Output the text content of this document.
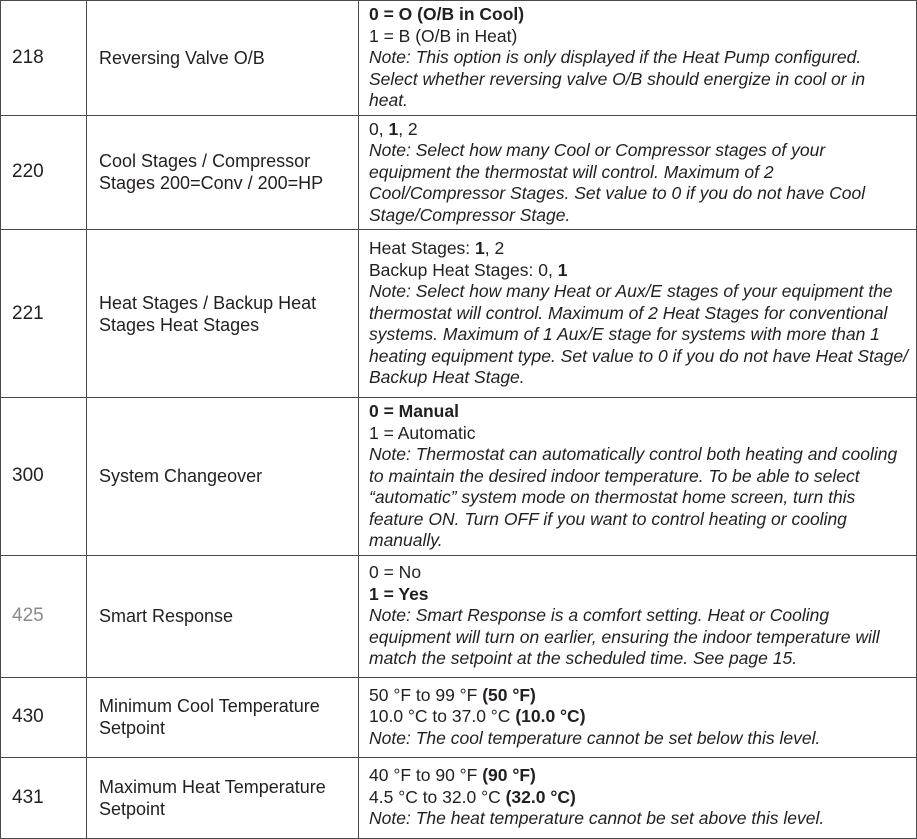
218	Reversing Valve O/B	0 = O (O/B in Cool)
1 = B (O/B in Heat)
Note: This option is only displayed if the Heat Pump configured. Select whether reversing valve O/B should energize in cool or in heat.

220	Cool Stages / Compressor Stages 200=Conv / 200=HP	0, 1, 2
Note: Select how many Cool or Compressor stages of your equipment the thermostat will control. Maximum of 2 Cool/Compressor Stages. Set value to 0 if you do not have Cool Stage/Compressor Stage.

221	Heat Stages / Backup Heat Stages Heat Stages	Heat Stages: 1, 2
Backup Heat Stages: 0, 1
Note: Select how many Heat or Aux/E stages of your equipment the thermostat will control. Maximum of 2 Heat Stages for conventional systems. Maximum of 1 Aux/E stage for systems with more than 1 heating equipment type. Set value to 0 if you do not have Heat Stage/ Backup Heat Stage.

300	System Changeover	0 = Manual
1 = Automatic
Note: Thermostat can automatically control both heating and cooling to maintain the desired indoor temperature. To be able to select “automatic” system mode on thermostat home screen, turn this feature ON. Turn OFF if you want to control heating or cooling manually.

425	Smart Response	0 = No
1 = Yes
Note: Smart Response is a comfort setting. Heat or Cooling equipment will turn on earlier, ensuring the indoor temperature will match the setpoint at the scheduled time. See page 15.

430	Minimum Cool Temperature Setpoint	50 °F to 99 °F (50 °F)
10.0 °C to 37.0 °C (10.0 °C)
Note: The cool temperature cannot be set below this level.

431	Maximum Heat Temperature Setpoint	40 °F to 90 °F (90 °F)
4.5 °C to 32.0 °C (32.0 °C)
Note: The heat temperature cannot be set above this level.
